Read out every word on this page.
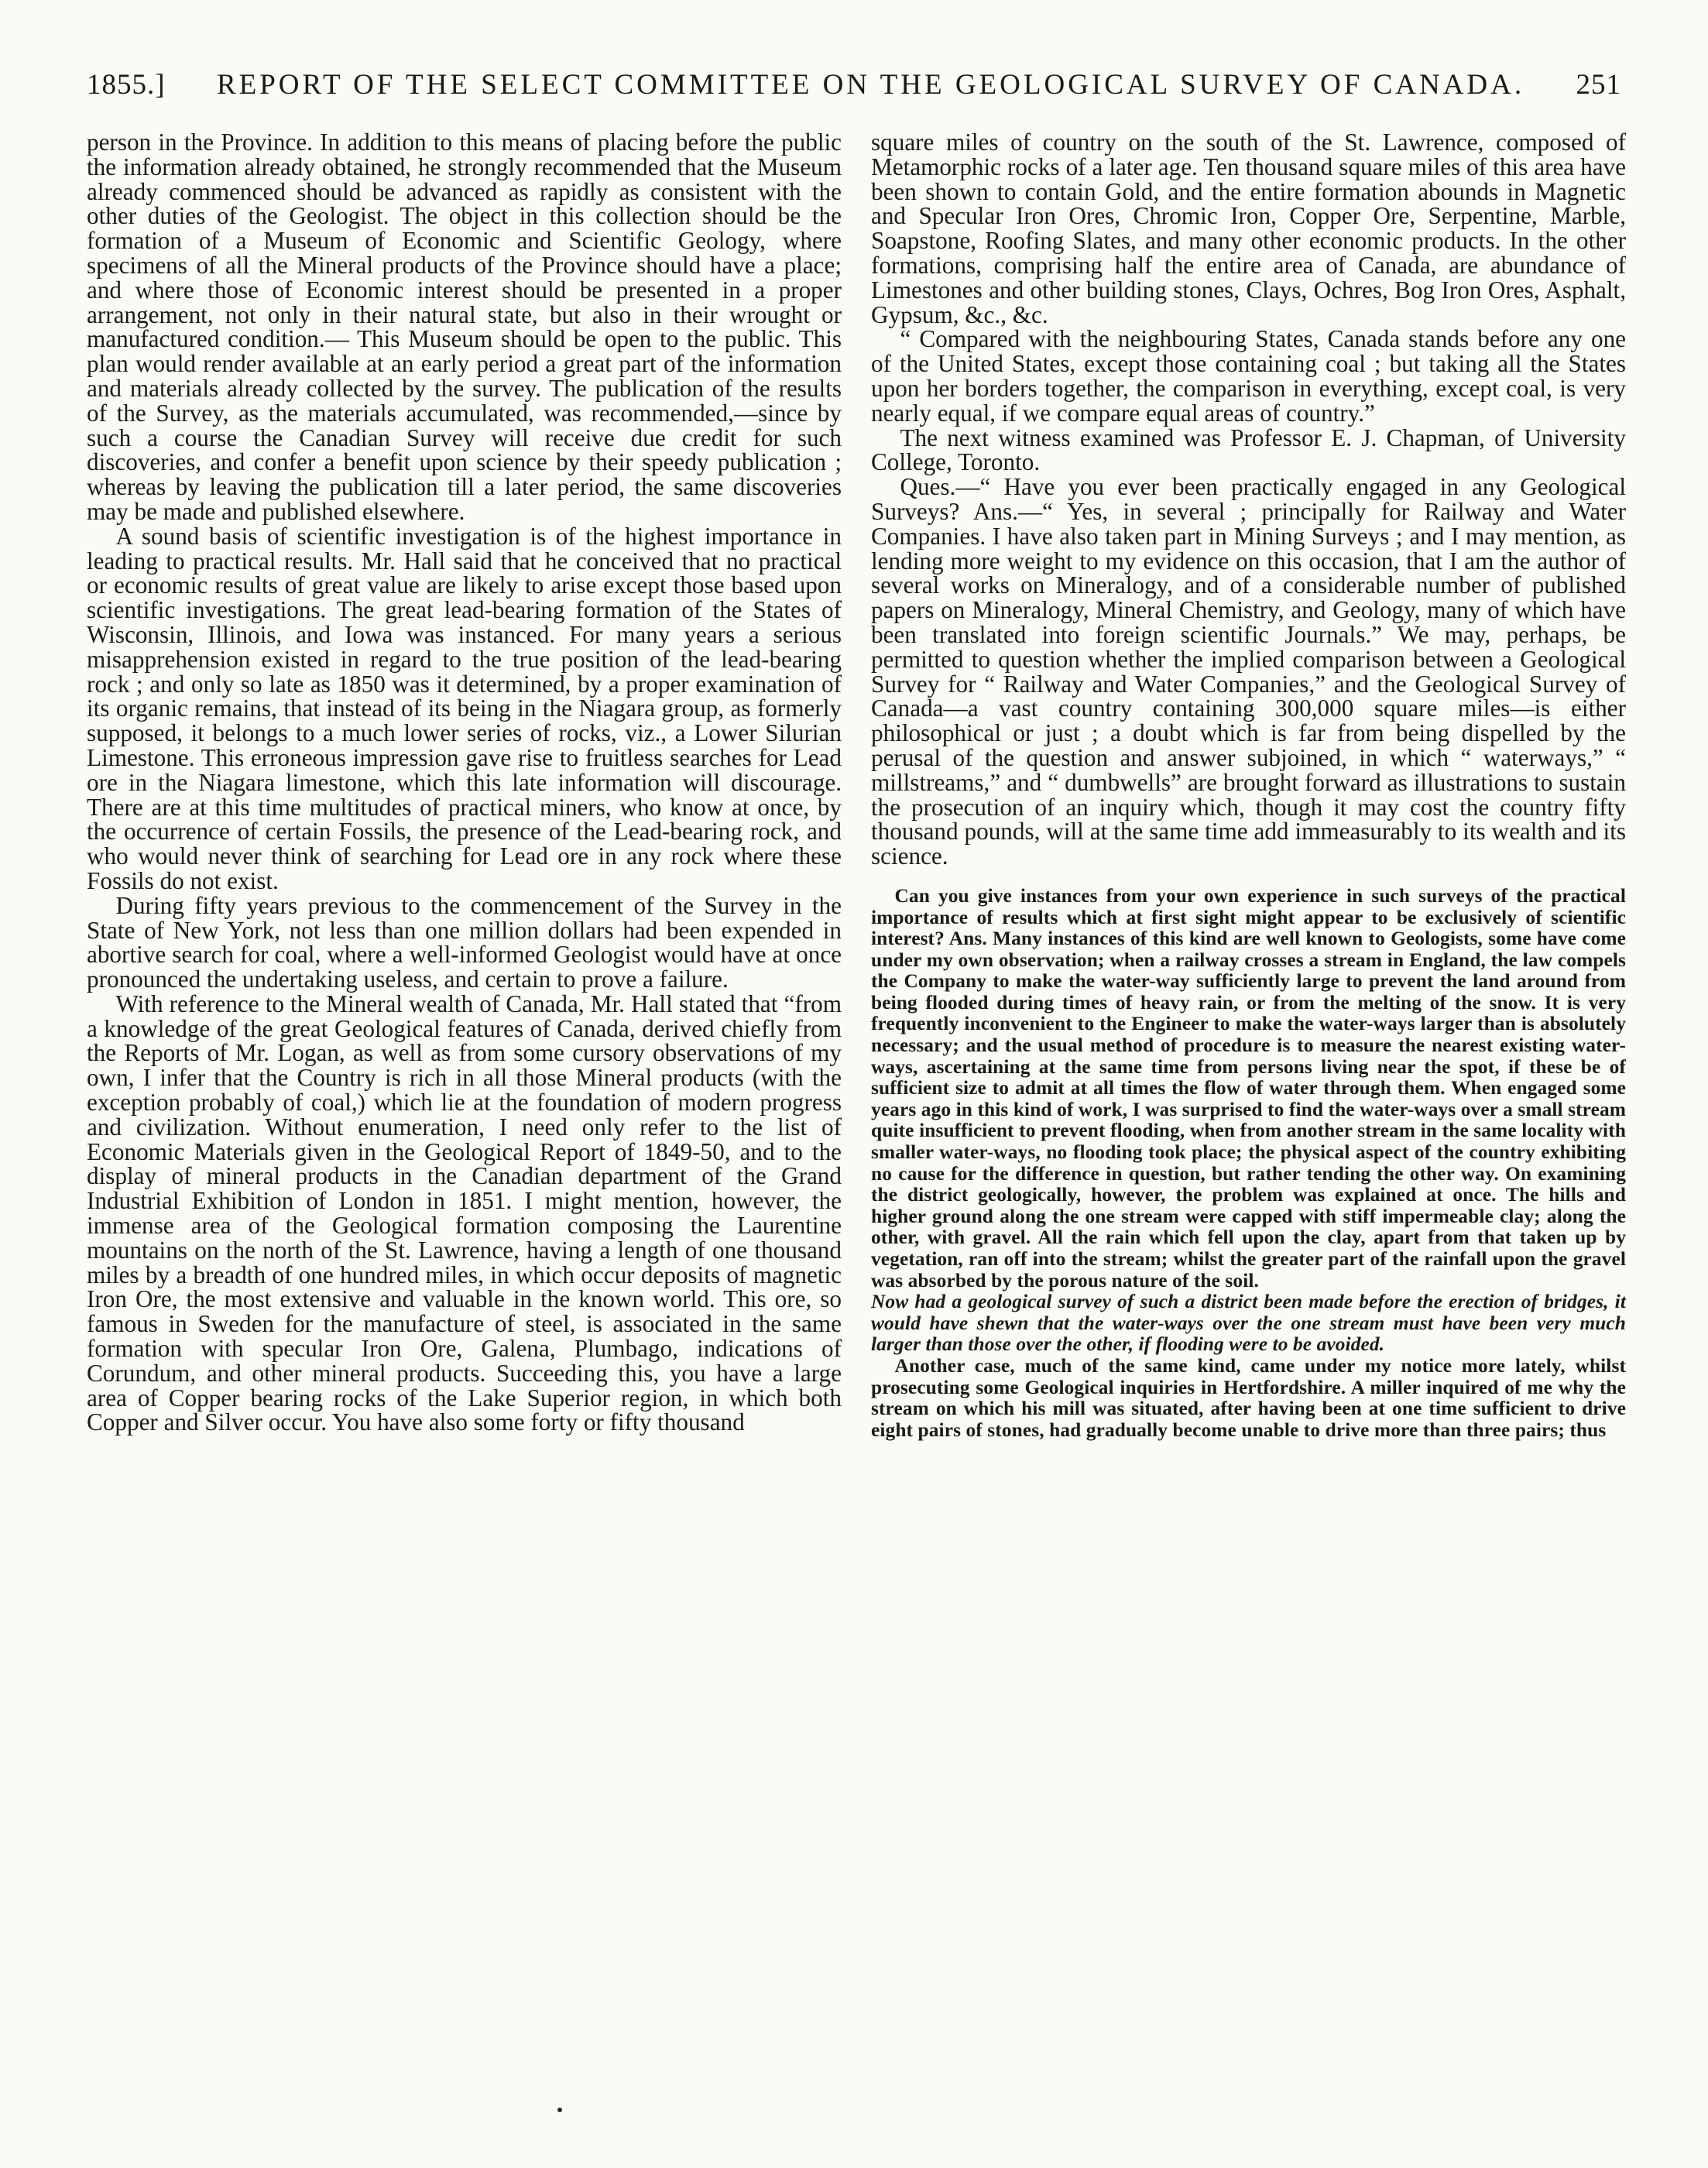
1855.] REPORT OF THE SELECT COMMITTEE ON THE GEOLOGICAL SURVEY OF CANADA. 251

person in the Province. In addition to this means of placing before the public the information already obtained, he strongly recommended that the Museum already commenced should be advanced as rapidly as consistent with the other duties of the Geologist. The object in this collection should be the formation of a Museum of Economic and Scientific Geology, where specimens of all the Mineral products of the Province should have a place; and where those of Economic interest should be presented in a proper arrangement, not only in their natural state, but also in their wrought or manufactured condition.— This Museum should be open to the public. This plan would render available at an early period a great part of the information and materials already collected by the survey. The publication of the results of the Survey, as the materials accumulated, was recommended,—since by such a course the Canadian Survey will receive due credit for such discoveries, and confer a benefit upon science by their speedy publication ; whereas by leaving the publication till a later period, the same discoveries may be made and published elsewhere.

A sound basis of scientific investigation is of the highest importance in leading to practical results. Mr. Hall said that he conceived that no practical or economic results of great value are likely to arise except those based upon scientific investigations. The great lead-bearing formation of the States of Wisconsin, Illinois, and Iowa was instanced. For many years a serious misapprehension existed in regard to the true position of the lead-bearing rock ; and only so late as 1850 was it determined, by a proper examination of its organic remains, that instead of its being in the Niagara group, as formerly supposed, it belongs to a much lower series of rocks, viz., a Lower Silurian Limestone. This erroneous impression gave rise to fruitless searches for Lead ore in the Niagara limestone, which this late information will discourage. There are at this time multitudes of practical miners, who know at once, by the occurrence of certain Fossils, the presence of the Lead-bearing rock, and who would never think of searching for Lead ore in any rock where these Fossils do not exist.

During fifty years previous to the commencement of the Survey in the State of New York, not less than one million dollars had been expended in abortive search for coal, where a well-informed Geologist would have at once pronounced the undertaking useless, and certain to prove a failure.

With reference to the Mineral wealth of Canada, Mr. Hall stated that “from a knowledge of the great Geological features of Canada, derived chiefly from the Reports of Mr. Logan, as well as from some cursory observations of my own, I infer that the Country is rich in all those Mineral products (with the exception probably of coal,) which lie at the foundation of modern progress and civilization. Without enumeration, I need only refer to the list of Economic Materials given in the Geological Report of 1849-50, and to the display of mineral products in the Canadian department of the Grand Industrial Exhibition of London in 1851. I might mention, however, the immense area of the Geological formation composing the Laurentine mountains on the north of the St. Lawrence, having a length of one thousand miles by a breadth of one hundred miles, in which occur deposits of magnetic Iron Ore, the most extensive and valuable in the known world. This ore, so famous in Sweden for the manufacture of steel, is associated in the same formation with specular Iron Ore, Galena, Plumbago, indications of Corundum, and other mineral products. Succeeding this, you have a large area of Copper bearing rocks of the Lake Superior region, in which both Copper and Silver occur. You have also some forty or fifty thousand

square miles of country on the south of the St. Lawrence, composed of Metamorphic rocks of a later age. Ten thousand square miles of this area have been shown to contain Gold, and the entire formation abounds in Magnetic and Specular Iron Ores, Chromic Iron, Copper Ore, Serpentine, Marble, Soapstone, Roofing Slates, and many other economic products. In the other formations, comprising half the entire area of Canada, are abundance of Limestones and other building stones, Clays, Ochres, Bog Iron Ores, Asphalt, Gypsum, &c., &c.

“ Compared with the neighbouring States, Canada stands before any one of the United States, except those containing coal ; but taking all the States upon her borders together, the comparison in everything, except coal, is very nearly equal, if we compare equal areas of country.”

The next witness examined was Professor E. J. Chapman, of University College, Toronto.

Ques.—“ Have you ever been practically engaged in any Geological Surveys? Ans.—“ Yes, in several ; principally for Railway and Water Companies. I have also taken part in Mining Surveys ; and I may mention, as lending more weight to my evidence on this occasion, that I am the author of several works on Mineralogy, and of a considerable number of published papers on Mineralogy, Mineral Chemistry, and Geology, many of which have been translated into foreign scientific Journals.” We may, perhaps, be permitted to question whether the implied comparison between a Geological Survey for “ Railway and Water Companies,” and the Geological Survey of Canada—a vast country containing 300,000 square miles—is either philosophical or just ; a doubt which is far from being dispelled by the perusal of the question and answer subjoined, in which “ waterways,” “ millstreams,” and “ dumbwells” are brought forward as illustrations to sustain the prosecution of an inquiry which, though it may cost the country fifty thousand pounds, will at the same time add immeasurably to its wealth and its science.

Can you give instances from your own experience in such surveys of the practical importance of results which at first sight might appear to be exclusively of scientific interest? Ans. Many instances of this kind are well known to Geologists, some have come under my own observation; when a railway crosses a stream in England, the law compels the Company to make the water-way sufficiently large to prevent the land around from being flooded during times of heavy rain, or from the melting of the snow. It is very frequently inconvenient to the Engineer to make the water-ways larger than is absolutely necessary; and the usual method of procedure is to measure the nearest existing water-ways, ascertaining at the same time from persons living near the spot, if these be of sufficient size to admit at all times the flow of water through them. When engaged some years ago in this kind of work, I was surprised to find the water-ways over a small stream quite insufficient to prevent flooding, when from another stream in the same locality with smaller water-ways, no flooding took place; the physical aspect of the country exhibiting no cause for the difference in question, but rather tending the other way. On examining the district geologically, however, the problem was explained at once. The hills and higher ground along the one stream were capped with stiff impermeable clay; along the other, with gravel. All the rain which fell upon the clay, apart from that taken up by vegetation, ran off into the stream; whilst the greater part of the rainfall upon the gravel was absorbed by the porous nature of the soil.

Now had a geological survey of such a district been made before the erection of bridges, it would have shewn that the water-ways over the one stream must have been very much larger than those over the other, if flooding were to be avoided.

Another case, much of the same kind, came under my notice more lately, whilst prosecuting some Geological inquiries in Hertfordshire. A miller inquired of me why the stream on which his mill was situated, after having been at one time sufficient to drive eight pairs of stones, had gradually become unable to drive more than three pairs; thus
